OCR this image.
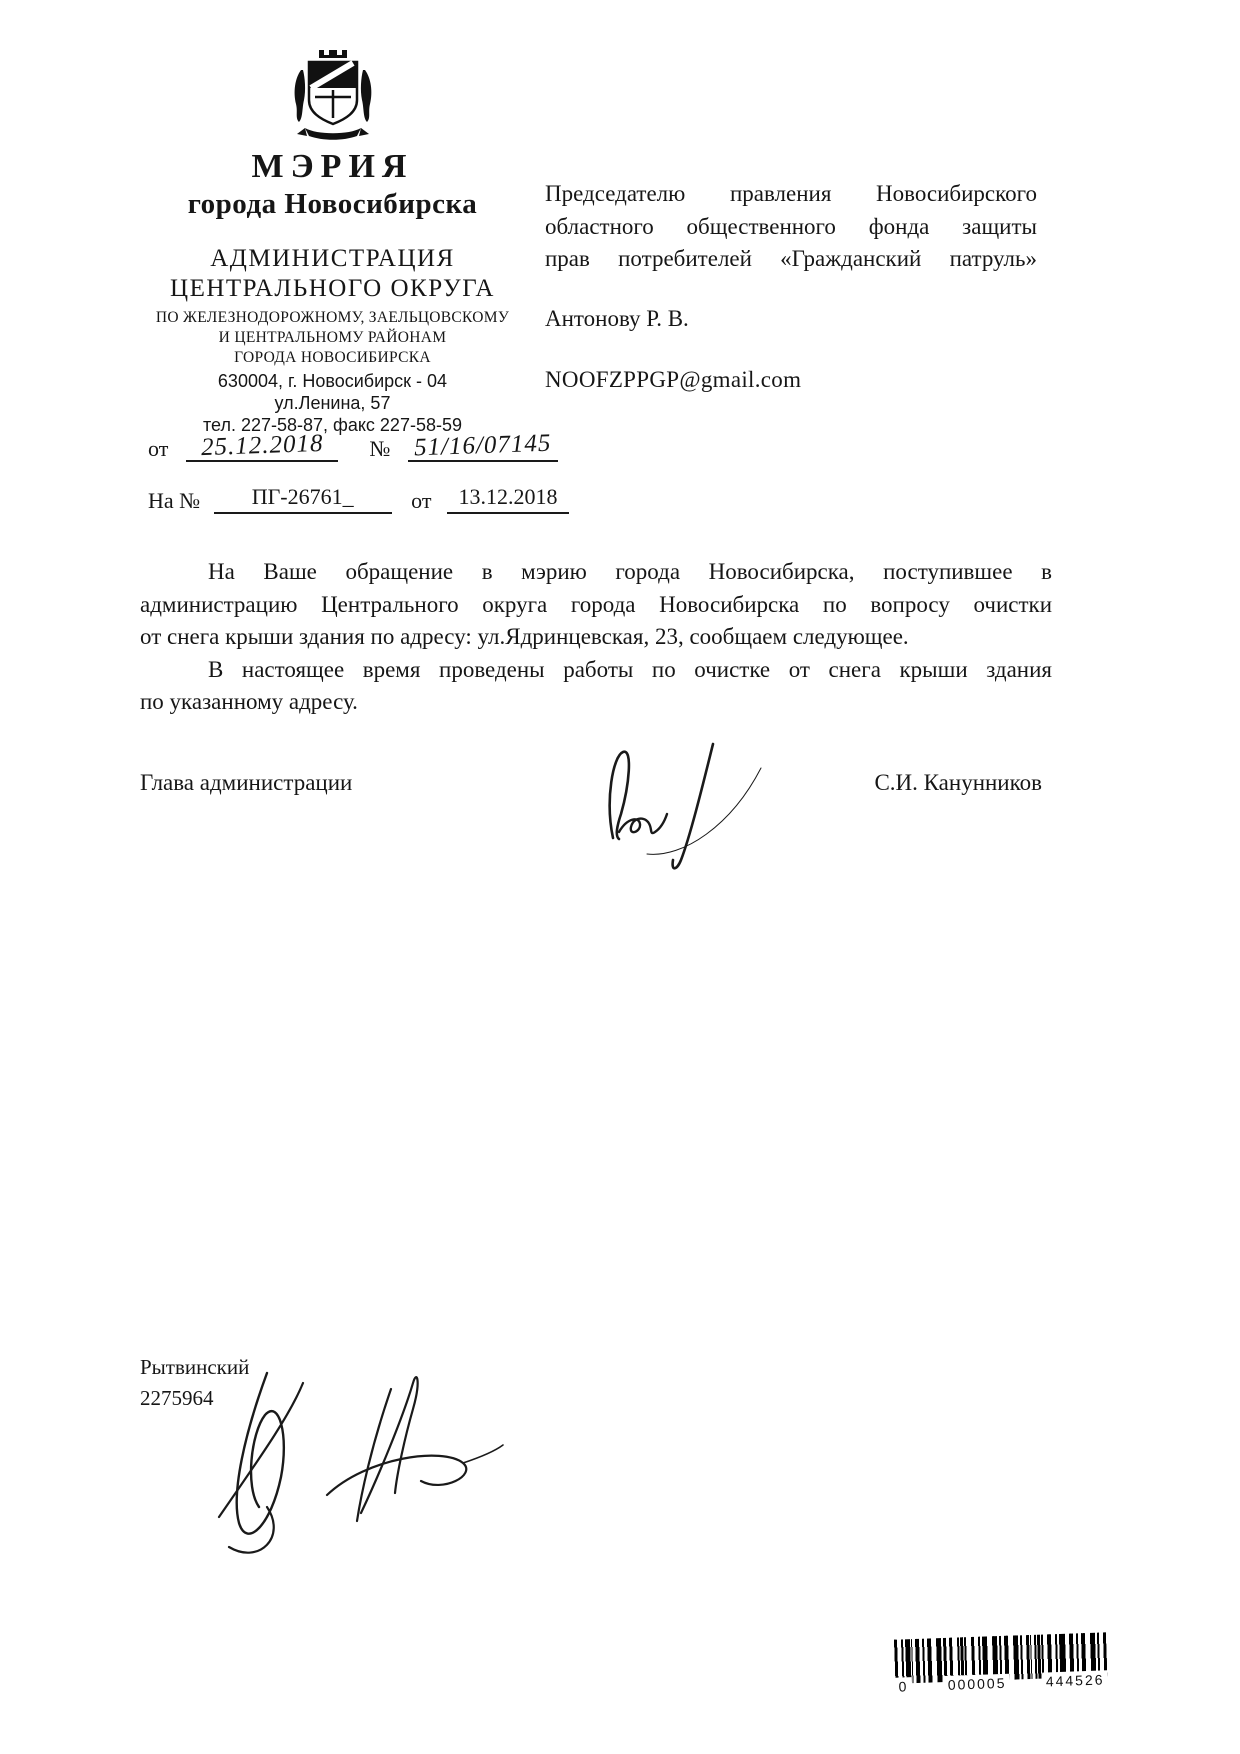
МЭРИЯ
города Новосибирска
АДМИНИСТРАЦИЯ
ЦЕНТРАЛЬНОГО ОКРУГА
ПО ЖЕЛЕЗНОДОРОЖНОМУ, ЗАЕЛЬЦОВСКОМУ
И ЦЕНТРАЛЬНОМУ РАЙОНАМ
ГОРОДА НОВОСИБИРСКА
630004, г. Новосибирск - 04
ул.Ленина, 57
тел. 227-58-87, факс 227-58-59
от 25.12.2018 № 51/16/07145
На № ПГ-26761_	от 13.12.2018
Председателю правления Новосибирского
областного общественного фонда защиты
прав потребителей «Гражданский патруль»
Антонову Р. В.
NOOFZPPGP@gmail.com
На Ваше обращение в мэрию города Новосибирска, поступившее в
администрацию Центрального округа города Новосибирска по вопросу очистки
от снега крыши здания по адресу: ул.Ядринцевская, 23, сообщаем следующее.
В настоящее время проведены работы по очистке от снега крыши здания
по указанному адресу.
Глава администрации	С.И. Канунников
Рытвинский
2275964
0	000005	444526
